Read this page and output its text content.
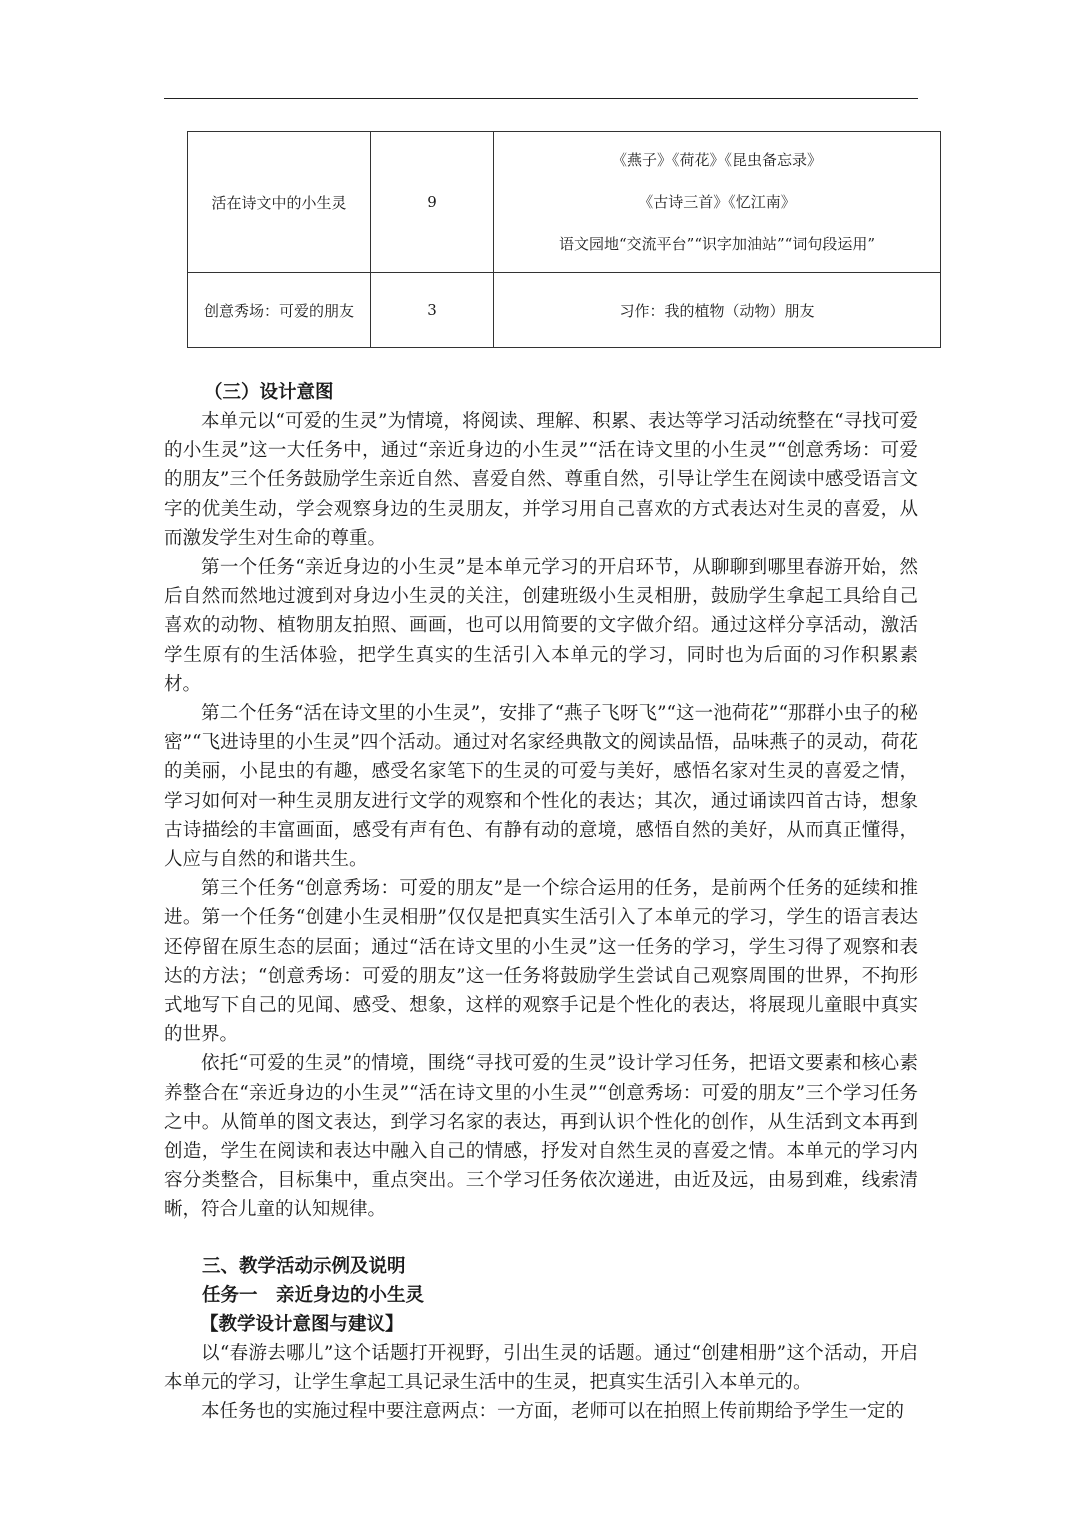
活在诗文中的小生灵	9	《燕子》《荷花》《昆虫备忘录》
《古诗三首》《忆江南》
语文园地“交流平台”“识字加油站”“词句段运用”

创意秀场：可爱的朋友	3	习作：我的植物（动物）朋友

（三）设计意图

本单元以“可爱的生灵”为情境，将阅读、理解、积累、表达等学习活动统整在“寻找可爱的小生灵”这一大任务中，通过“亲近身边的小生灵”“活在诗文里的小生灵”“创意秀场：可爱的朋友”三个任务鼓励学生亲近自然、喜爱自然、尊重自然，引导让学生在阅读中感受语言文字的优美生动，学会观察身边的生灵朋友，并学习用自己喜欢的方式表达对生灵的喜爱，从而激发学生对生命的尊重。

第一个任务“亲近身边的小生灵”是本单元学习的开启环节，从聊聊到哪里春游开始，然后自然而然地过渡到对身边小生灵的关注，创建班级小生灵相册，鼓励学生拿起工具给自己喜欢的动物、植物朋友拍照、画画，也可以用简要的文字做介绍。通过这样分享活动，激活学生原有的生活体验，把学生真实的生活引入本单元的学习，同时也为后面的习作积累素材。

第二个任务“活在诗文里的小生灵”，安排了“燕子飞呀飞”“这一池荷花”“那群小虫子的秘密”“飞进诗里的小生灵”四个活动。通过对名家经典散文的阅读品悟，品味燕子的灵动，荷花的美丽，小昆虫的有趣，感受名家笔下的生灵的可爱与美好，感悟名家对生灵的喜爱之情，学习如何对一种生灵朋友进行文学的观察和个性化的表达；其次，通过诵读四首古诗，想象古诗描绘的丰富画面，感受有声有色、有静有动的意境，感悟自然的美好，从而真正懂得，人应与自然的和谐共生。

第三个任务“创意秀场：可爱的朋友”是一个综合运用的任务，是前两个任务的延续和推进。第一个任务“创建小生灵相册”仅仅是把真实生活引入了本单元的学习，学生的语言表达还停留在原生态的层面；通过“活在诗文里的小生灵”这一任务的学习，学生习得了观察和表达的方法；“创意秀场：可爱的朋友”这一任务将鼓励学生尝试自己观察周围的世界，不拘形式地写下自己的见闻、感受、想象，这样的观察手记是个性化的表达，将展现儿童眼中真实的世界。

依托“可爱的生灵”的情境，围绕“寻找可爱的生灵”设计学习任务，把语文要素和核心素养整合在“亲近身边的小生灵”“活在诗文里的小生灵”“创意秀场：可爱的朋友”三个学习任务之中。从简单的图文表达，到学习名家的表达，再到认识个性化的创作，从生活到文本再到创造，学生在阅读和表达中融入自己的情感，抒发对自然生灵的喜爱之情。本单元的学习内容分类整合，目标集中，重点突出。三个学习任务依次递进，由近及远，由易到难，线索清晰，符合儿童的认知规律。

三、教学活动示例及说明

任务一　亲近身边的小生灵

【教学设计意图与建议】

以“春游去哪儿”这个话题打开视野，引出生灵的话题。通过“创建相册”这个活动，开启本单元的学习，让学生拿起工具记录生活中的生灵，把真实生活引入本单元的。

本任务也的实施过程中要注意两点：一方面，老师可以在拍照上传前期给予学生一定的
